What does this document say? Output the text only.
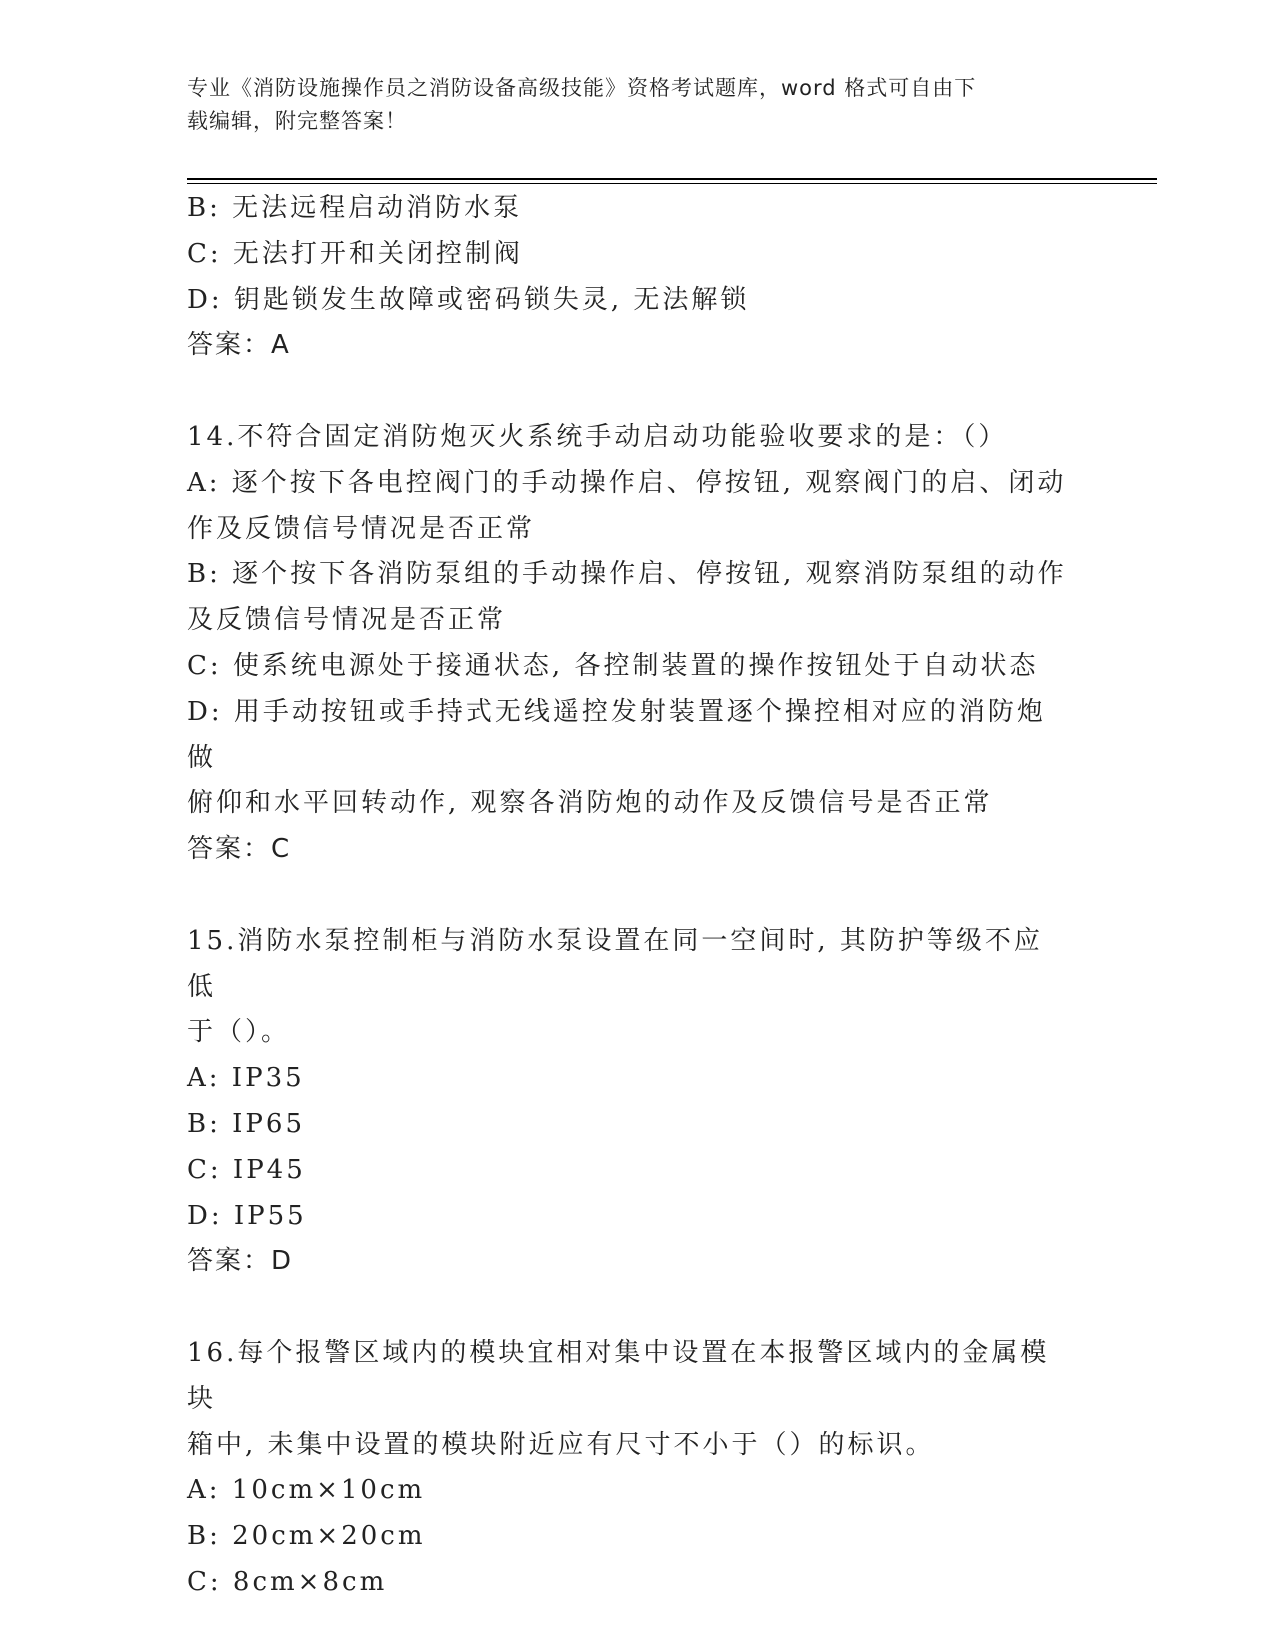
专业《消防设施操作员之消防设备高级技能》资格考试题库，word 格式可自由下
载编辑，附完整答案！

B: 无法远程启动消防水泵

C: 无法打开和关闭控制阀

D: 钥匙锁发生故障或密码锁失灵, 无法解锁

答案：A

14.不符合固定消防炮灭火系统手动启动功能验收要求的是：（）

A: 逐个按下各电控阀门的手动操作启、停按钮, 观察阀门的启、闭动

作及反馈信号情况是否正常

B: 逐个按下各消防泵组的手动操作启、停按钮, 观察消防泵组的动作

及反馈信号情况是否正常

C: 使系统电源处于接通状态, 各控制装置的操作按钮处于自动状态

D: 用手动按钮或手持式无线遥控发射装置逐个操控相对应的消防炮做

俯仰和水平回转动作, 观察各消防炮的动作及反馈信号是否正常

答案：C

15.消防水泵控制柜与消防水泵设置在同一空间时, 其防护等级不应低

于（）。

A: IP35

B: IP65

C: IP45

D: IP55

答案：D

16.每个报警区域内的模块宜相对集中设置在本报警区域内的金属模块

箱中, 未集中设置的模块附近应有尺寸不小于（）的标识。

A: 10cm×10cm

B: 20cm×20cm

C: 8cm×8cm
